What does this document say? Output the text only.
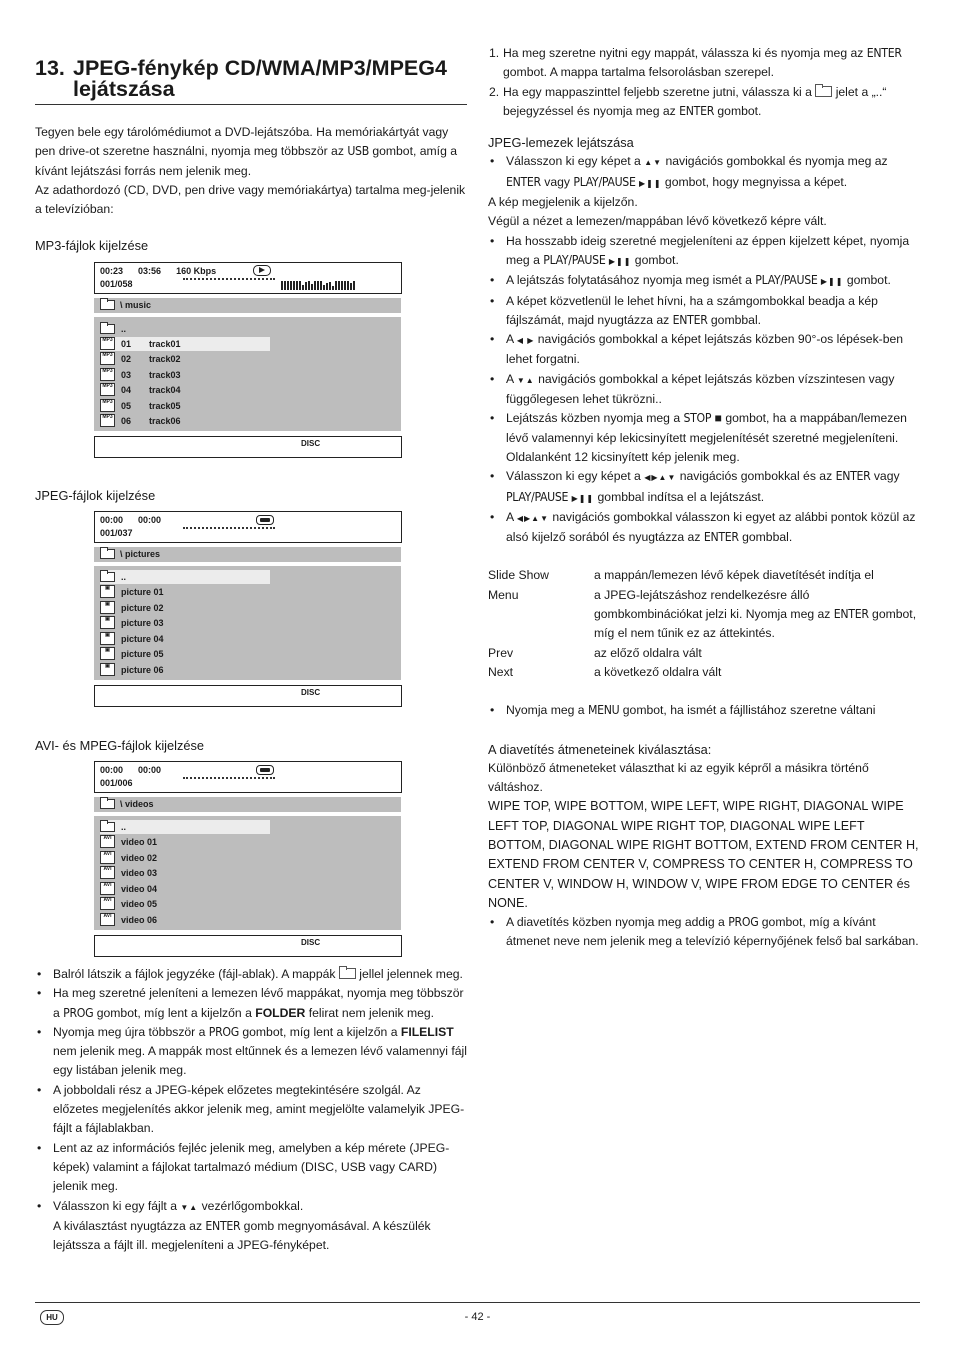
13. JPEG-fénykép CD/WMA/MP3/MPEG4
lejátszása

Tegyen bele egy tárolómédiumot a DVD-lejátszóba. Ha memóriakártyát vagy pen drive-ot szeretne használni, nyomja meg többször az USB gombot, amíg a kívánt lejátszási forrás nem jelenik meg.

Az adathordozó (CD, DVD, pen drive vagy memóriakártya) tartalma meg-jelenik a televízióban:

MP3-fájlok kijelzése
00:23 03:56 160 Kbps
001/058
\ music
..
MP3 01 track01
MP3 02 track02
MP3 03 track03
MP3 04 track04
MP3 05 track05
MP3 06 track06
DISC
JPEG-fájlok kijelzése
00:00 00:00
001/037
\ pictures
..
▣	picture 01
▣	picture 02
▣	picture 03
▣	picture 04
▣	picture 05
▣	picture 06
DISC
AVI- és MPEG-fájlok kijelzése
00:00 00:00
001/006
\ videos
..
AVI	video 01
AVI	video 02
AVI	video 03
AVI	video 04
AVI	video 05
AVI	video 06
DISC
• Balról látszik a fájlok jegyzéke (fájl-ablak). A mappák  jellel jelennek meg.
• Ha meg szeretné jeleníteni a lemezen lévő mappákat, nyomja meg többször a PROG gombot, míg lent a kijelzőn a FOLDER felirat nem jelenik meg.
• Nyomja meg újra többször a PROG gombot, míg lent a kijelzőn a FILELIST nem jelenik meg. A mappák most eltűnnek és a lemezen lévő valamennyi fájl egy listában jelenik meg.
• A jobboldali rész a JPEG-képek előzetes megtekintésére szolgál. Az előzetes megjelenítés akkor jelenik meg, amint megjelölte valamelyik JPEG-fájlt a fájlablakban.
• Lent az az információs fejléc jelenik meg, amelyben a kép mérete (JPEG-képek) valamint a fájlokat tartalmazó médium (DISC, USB vagy CARD) jelenik meg.
• Válasszon ki egy fájlt a ▼▲ vezérlőgombokkal.
A kiválasztást nyugtázza az ENTER gomb megnyomásával. A készülék lejátssza a fájlt ill. megjeleníteni a JPEG-fényképet.
1. Ha meg szeretne nyitni egy mappát, válassza ki és nyomja meg az ENTER gombot. A mappa tartalma felsorolásban szerepel.
2. Ha egy mappaszinttel feljebb szeretne jutni, válassza ki a  jelet a „..“ bejegyzéssel és nyomja meg az ENTER gombot.
JPEG-lemezek lejátszása
• Válasszon ki egy képet a ▲▼ navigációs gombokkal és nyomja meg az ENTER vagy PLAY/PAUSE ▶❚❚ gombot, hogy megnyissa a képet.

A kép megjelenik a kijelzőn.

Végül a nézet a lemezen/mappában lévő következő képre vált.

• Ha hosszabb ideig szeretné megjeleníteni az éppen kijelzett képet, nyomja meg a PLAY/PAUSE ▶❚❚ gombot.
• A lejátszás folytatásához nyomja meg ismét a PLAY/PAUSE ▶❚❚ gombot.
• A képet közvetlenül le lehet hívni, ha a számgombokkal beadja a kép fájlszámát, majd nyugtázza az ENTER gombbal.
• A ◀ ▶ navigációs gombokkal a képet lejátszás közben 90°-os lépések-ben lehet forgatni.
• A ▼▲ navigációs gombokkal a képet lejátszás közben vízszintesen vagy függőlegesen lehet tükrözni..
• Lejátszás közben nyomja meg a STOP ■ gombot, ha a mappában/lemezen lévő valamennyi kép lekicsinyített megjelenítését szeretné megjeleníteni. Oldalanként 12 kicsinyített kép jelenik meg.
• Válasszon ki egy képet a ◀▶▲▼ navigációs gombokkal és az ENTER vagy PLAY/PAUSE ▶❚❚ gombbal indítsa el a lejátszást.
• A ◀▶▲▼ navigációs gombokkal válasszon ki egyet az alábbi pontok közül az alsó kijelző sorából és nyugtázza az ENTER gombbal.
Slide Show	a mappán/lemezen lévő képek diavetítését indítja el
Menu	a JPEG-lejátszáshoz rendelkezésre álló gombkombinációkat jelzi ki. Nyomja meg az ENTER gombot, míg el nem tűnik ez az áttekintés.
Prev	az előző oldalra vált
Next	a következő oldalra vált
• Nyomja meg a MENU gombot, ha ismét a fájllistához szeretne váltani
A diavetítés átmeneteinek kiválasztása:

Különböző átmeneteket választhat ki az egyik képről a másikra történő váltáshoz.

WIPE TOP, WIPE BOTTOM, WIPE LEFT, WIPE RIGHT, DIAGONAL WIPE LEFT TOP, DIAGONAL WIPE RIGHT TOP, DIAGONAL WIPE LEFT BOTTOM, DIAGONAL WIPE RIGHT BOTTOM, EXTEND FROM CENTER H, EXTEND FROM CENTER V, COMPRESS TO CENTER H, COMPRESS TO CENTER V, WINDOW H, WINDOW V, WIPE FROM EDGE TO CENTER és NONE.

• A diavetítés közben nyomja meg addig a PROG gombot, míg a kívánt átmenet neve nem jelenik meg a televízió képernyőjének felső bal sarkában.
HU	- 42 -
